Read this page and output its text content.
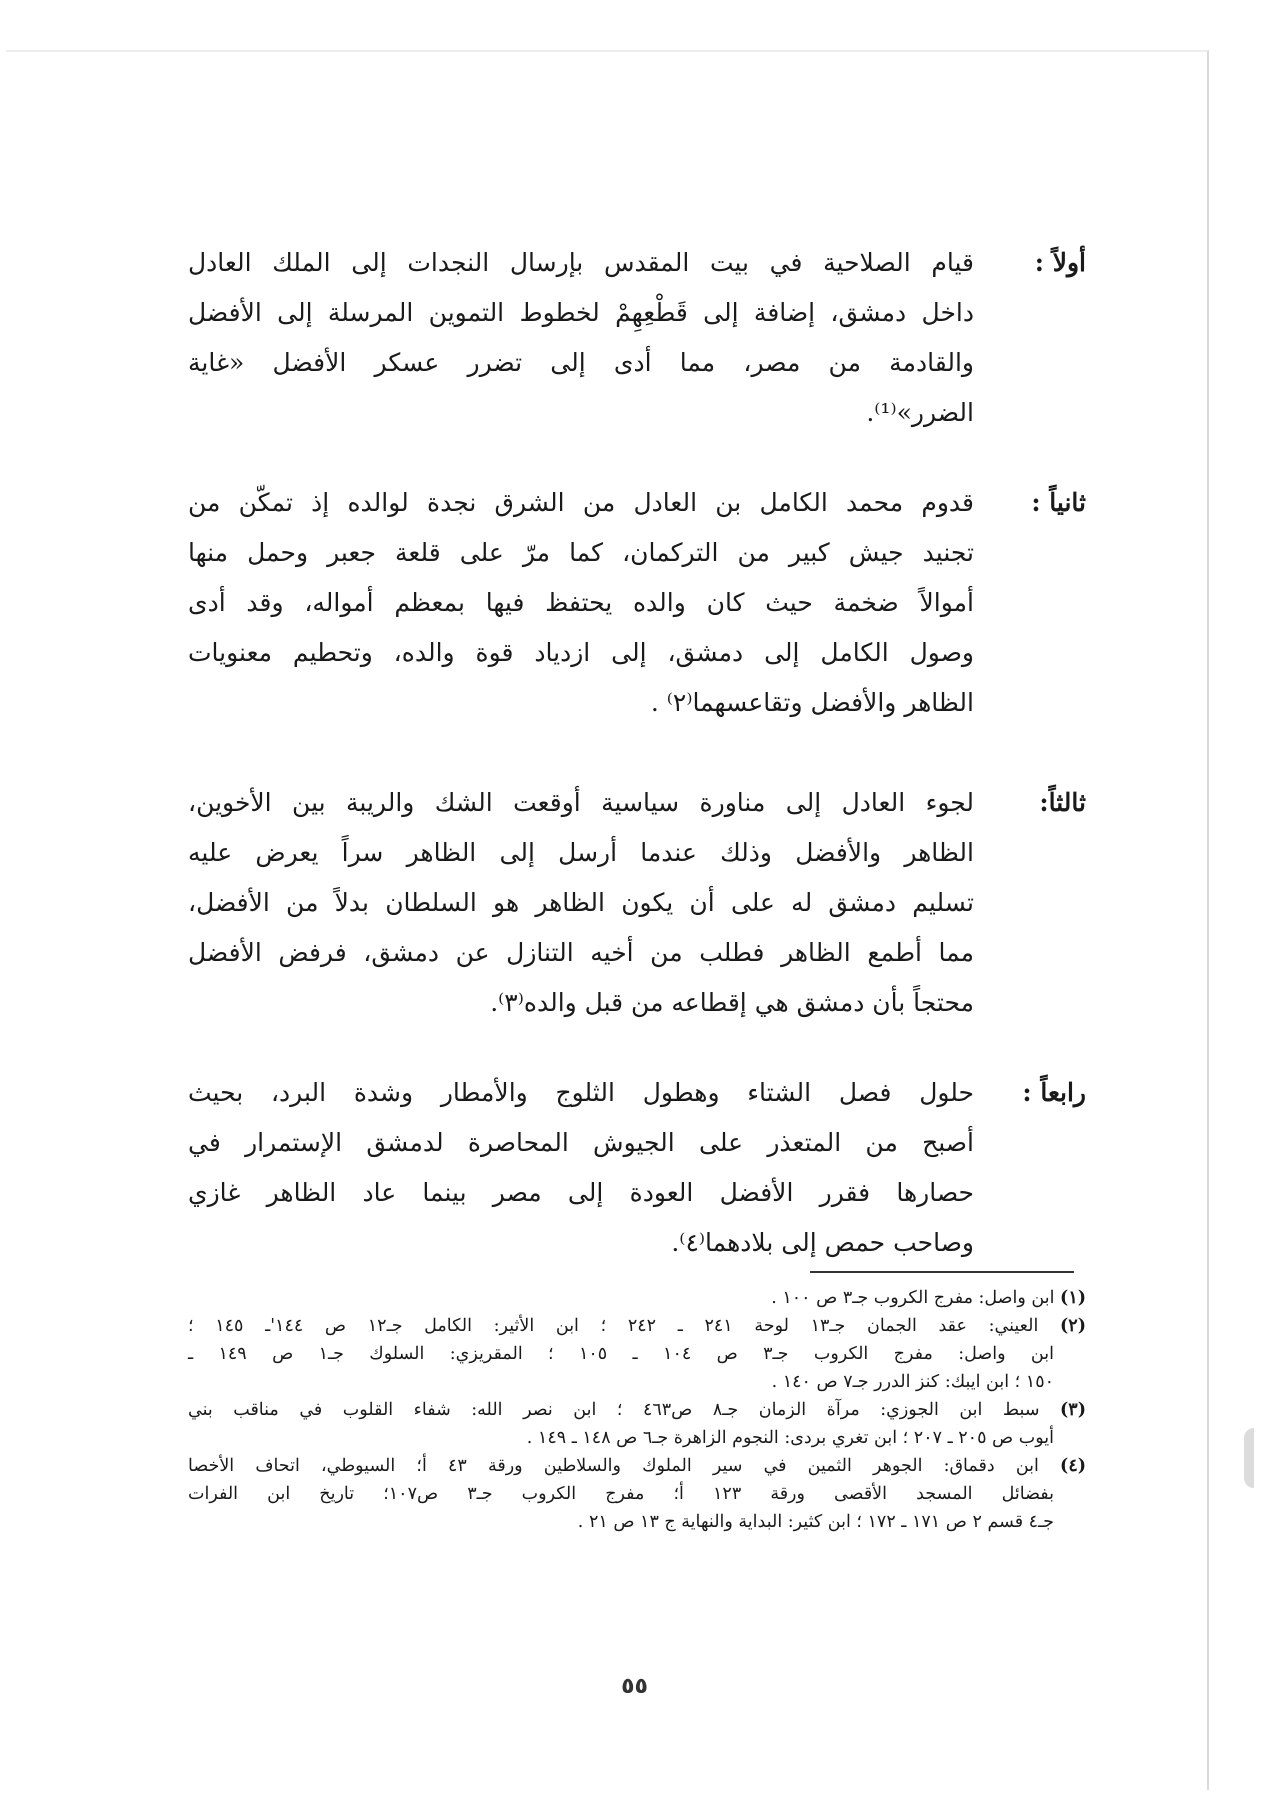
أولاً :
قيام الصلاحية في بيت المقدس بإرسال النجدات إلى الملك العادل
داخل دمشق، إضافة إلى قَطْعِهِمْ لخطوط التموين المرسلة إلى الأفضل
والقادمة من مصر، مما أدى إلى تضرر عسكر الأفضل «غاية
الضرر»⁽¹⁾.
ثانياً :
قدوم محمد الكامل بن العادل من الشرق نجدة لوالده إذ تمكّن من
تجنيد جيش كبير من التركمان، كما مرّ على قلعة جعبر وحمل منها
أموالاً ضخمة حيث كان والده يحتفظ فيها بمعظم أمواله، وقد أدى
وصول الكامل إلى دمشق، إلى ازدياد قوة والده، وتحطيم معنويات
الظاهر والأفضل وتقاعسهما⁽٢⁾ .
ثالثاً:
لجوء العادل إلى مناورة سياسية أوقعت الشك والريبة بين الأخوين،
الظاهر والأفضل وذلك عندما أرسل إلى الظاهر سراً يعرض عليه
تسليم دمشق له على أن يكون الظاهر هو السلطان بدلاً من الأفضل،
مما أطمع الظاهر فطلب من أخيه التنازل عن دمشق، فرفض الأفضل
محتجاً بأن دمشق هي إقطاعه من قبل والده⁽٣⁾.
رابعاً :
حلول فصل الشتاء وهطول الثلوج والأمطار وشدة البرد، بحيث
أصبح من المتعذر على الجيوش المحاصرة لدمشق الإستمرار في
حصارها فقرر الأفضل العودة إلى مصر بينما عاد الظاهر غازي
وصاحب حمص إلى بلادهما⁽٤⁾.
(١) ابن واصل: مفرج الكروب جـ٣ ص ١٠٠ .
(٢) العيني: عقد الجمان جـ١٣ لوحة ٢٤١ ـ ٢٤٢ ؛ ابن الأثير: الكامل جـ١٢ ص ١٤٤'ـ ١٤٥ ؛
ابن واصل: مفرج الكروب جـ٣ ص ١٠٤ ـ ١٠٥ ؛ المقريزي: السلوك جـ١ ص ١٤٩ ـ
١٥٠ ؛ ابن ايبك: كنز الدرر جـ٧ ص ١٤٠ .
(٣) سبط ابن الجوزي: مرآة الزمان جـ٨ ص٤٦٣ ؛ ابن نصر الله: شفاء القلوب في مناقب بني
أيوب ص ٢٠٥ ـ ٢٠٧ ؛ ابن تغري بردى: النجوم الزاهرة جـ٦ ص ١٤٨ ـ ١٤٩ .
(٤) ابن دقماق: الجوهر الثمين في سير الملوك والسلاطين ورقة ٤٣ أ؛ السيوطي، اتحاف الأخصا
بفضائل المسجد الأقصى ورقة ١٢٣ أ؛ مفرج الكروب جـ٣ ص١٠٧؛ تاريخ ابن الفرات
جـ٤ قسم ٢ ص ١٧١ ـ ١٧٢ ؛ ابن كثير: البداية والنهاية ج ١٣ ص ٢١ .
٥٥
